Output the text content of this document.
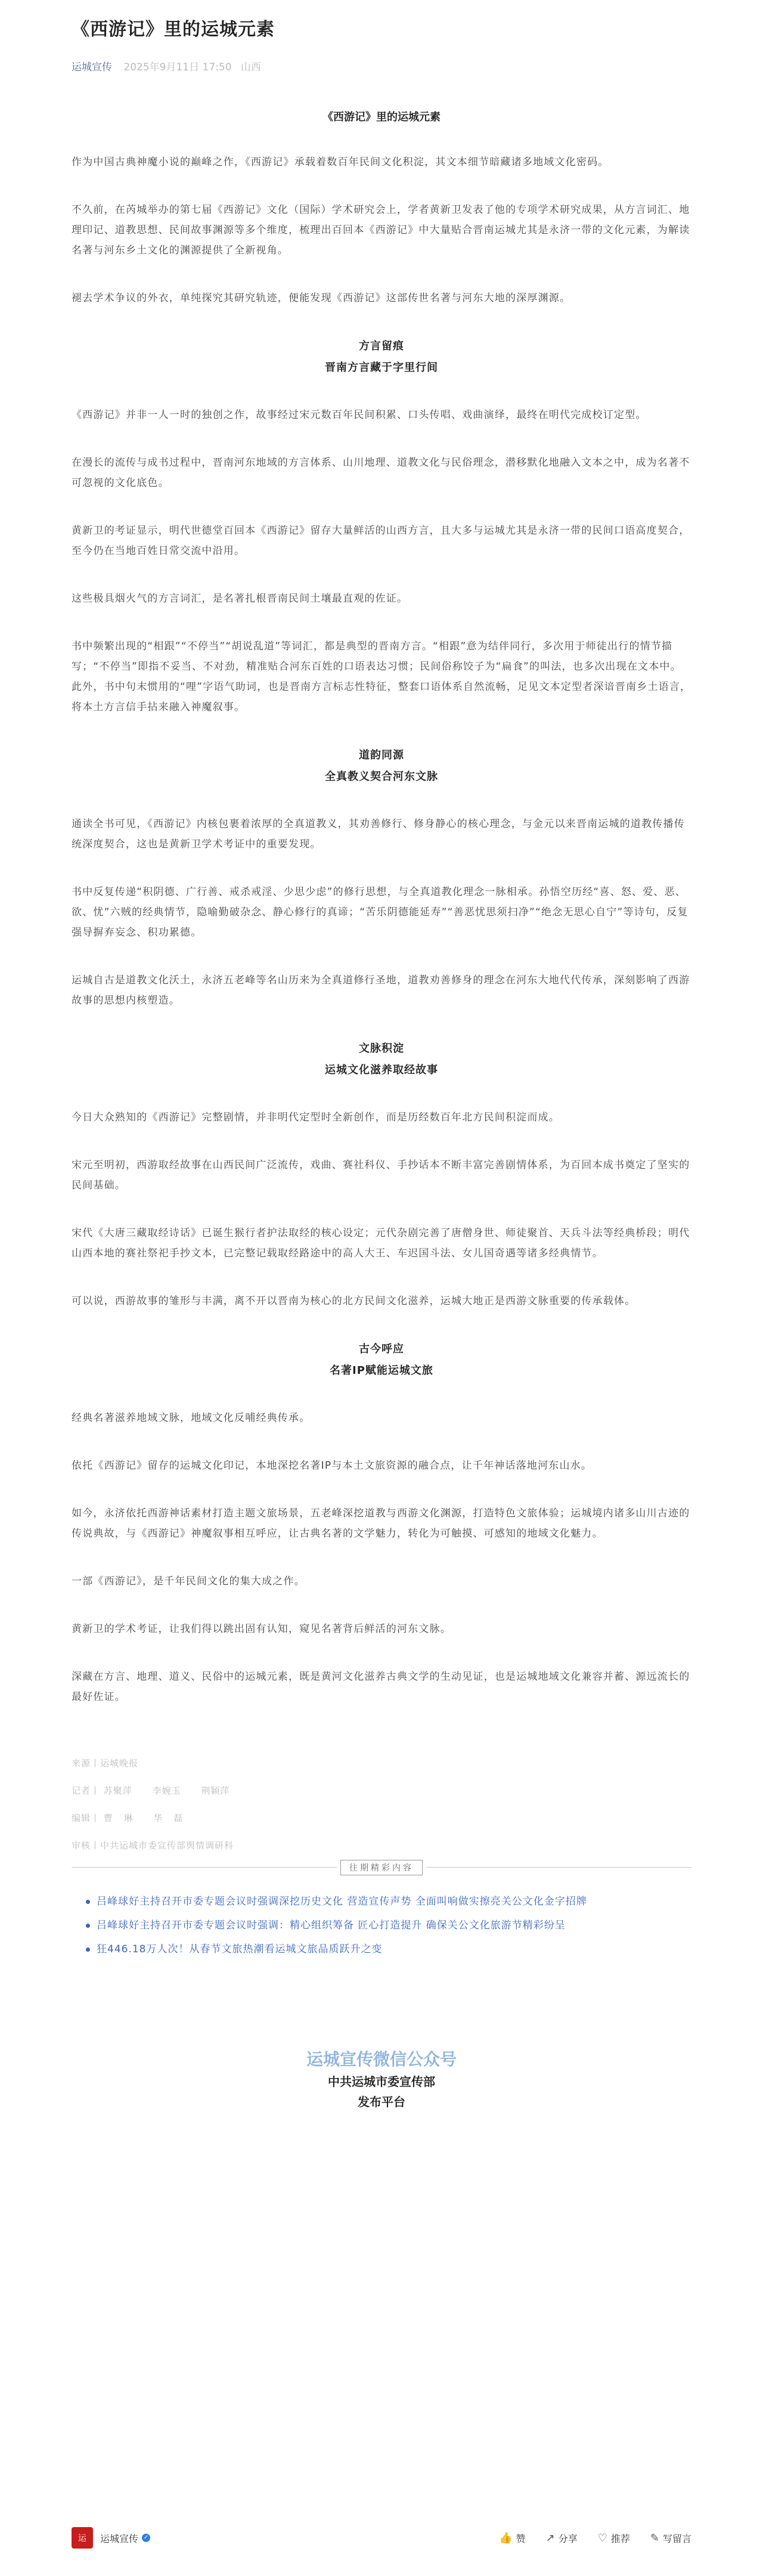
《西游记》里的运城元素
运城宣传 2025年9月11日 17:50 山西
《西游记》里的运城元素

作为中国古典神魔小说的巅峰之作，《西游记》承载着数百年民间文化积淀，其文本细节暗藏诸多地域文化密码。

不久前，在芮城举办的第七届《西游记》文化（国际）学术研究会上，学者黄新卫发表了他的专项学术研究成果，从方言词汇、地理印记、道教思想、民间故事渊源等多个维度，梳理出百回本《西游记》中大量贴合晋南运城尤其是永济一带的文化元素，为解读名著与河东乡土文化的渊源提供了全新视角。

褪去学术争议的外衣，单纯探究其研究轨迹，便能发现《西游记》这部传世名著与河东大地的深厚渊源。

方言留痕
晋南方言藏于字里行间

《西游记》并非一人一时的独创之作，故事经过宋元数百年民间积累、口头传唱、戏曲演绎，最终在明代完成校订定型。

在漫长的流传与成书过程中，晋南河东地域的方言体系、山川地理、道教文化与民俗理念，潜移默化地融入文本之中，成为名著不可忽视的文化底色。

黄新卫的考证显示，明代世德堂百回本《西游记》留存大量鲜活的山西方言，且大多与运城尤其是永济一带的民间口语高度契合，至今仍在当地百姓日常交流中沿用。

这些极具烟火气的方言词汇，是名著扎根晋南民间土壤最直观的佐证。

书中频繁出现的“相跟”“不停当”“胡说乱道”等词汇，都是典型的晋南方言。“相跟”意为结伴同行，多次用于师徒出行的情节描写；“不停当”即指不妥当、不对劲，精准贴合河东百姓的口语表达习惯；民间俗称饺子为“扁食”的叫法，也多次出现在文本中。此外，书中句末惯用的“哩”字语气助词，也是晋南方言标志性特征，整套口语体系自然流畅，足见文本定型者深谙晋南乡土语言，将本土方言信手拈来融入神魔叙事。

道韵同源
全真教义契合河东文脉

通读全书可见，《西游记》内核包裹着浓厚的全真道教义，其劝善修行、修身静心的核心理念，与金元以来晋南运城的道教传播传统深度契合，这也是黄新卫学术考证中的重要发现。

书中反复传递“积阴德、广行善、戒杀戒淫、少思少虑”的修行思想，与全真道教化理念一脉相承。孙悟空历经“喜、怒、爱、恶、欲、忧”六贼的经典情节，隐喻勤破杂念、静心修行的真谛；“苦乐阴德能延寿”“善恶忧思须扫净”“绝念无思心自宁”等诗句，反复强导摒弃妄念、积功累德。

运城自古是道教文化沃土，永济五老峰等名山历来为全真道修行圣地，道教劝善修身的理念在河东大地代代传承，深刻影响了西游故事的思想内核塑造。

文脉积淀
运城文化滋养取经故事

今日大众熟知的《西游记》完整剧情，并非明代定型时全新创作，而是历经数百年北方民间积淀而成。

宋元至明初，西游取经故事在山西民间广泛流传，戏曲、赛社科仪、手抄话本不断丰富完善剧情体系，为百回本成书奠定了坚实的民间基础。

宋代《大唐三藏取经诗话》已诞生猴行者护法取经的核心设定；元代杂剧完善了唐僧身世、师徒聚首、天兵斗法等经典桥段；明代山西本地的赛社祭祀手抄文本，已完整记载取经路途中的高人大王、车迟国斗法、女儿国奇遇等诸多经典情节。

可以说，西游故事的雏形与丰满，离不开以晋南为核心的北方民间文化滋养，运城大地正是西游文脉重要的传承载体。

古今呼应
名著IP赋能运城文旅

经典名著滋养地域文脉，地域文化反哺经典传承。

依托《西游记》留存的运城文化印记，本地深挖名著IP与本土文旅资源的融合点，让千年神话落地河东山水。

如今，永济依托西游神话素材打造主题文旅场景，五老峰深挖道教与西游文化渊源，打造特色文旅体验；运城境内诸多山川古迹的传说典故，与《西游记》神魔叙事相互呼应，让古典名著的文学魅力，转化为可触摸、可感知的地域文化魅力。

一部《西游记》，是千年民间文化的集大成之作。

黄新卫的学术考证，让我们得以跳出固有认知，窥见名著背后鲜活的河东文脉。

深藏在方言、地理、道义、民俗中的运城元素，既是黄河文化滋养古典文学的生动见证，也是运城地域文化兼容并蓄、源远流长的最好佐证。

来源丨运城晚报
记者丨 苏聚萍 李婉玉 荆颖萍
编辑丨 曹 琳 华 磊
审核丨中共运城市委宣传部舆情调研科
往期精彩内容
吕峰球好主持召开市委专题会议时强调深挖历史文化 营造宣传声势 全面叫响做实擦亮关公文化金字招牌
吕峰球好主持召开市委专题会议时强调：精心组织筹备 匠心打造提升 确保关公文化旅游节精彩纷呈
狂446.18万人次！从春节文旅热潮看运城文旅品质跃升之变
运城宣传微信公众号
中共运城市委宣传部
发布平台
运	运城宣传 ✓	👍 赞 ↗ 分享 ♡ 推荐 ✎ 写留言
